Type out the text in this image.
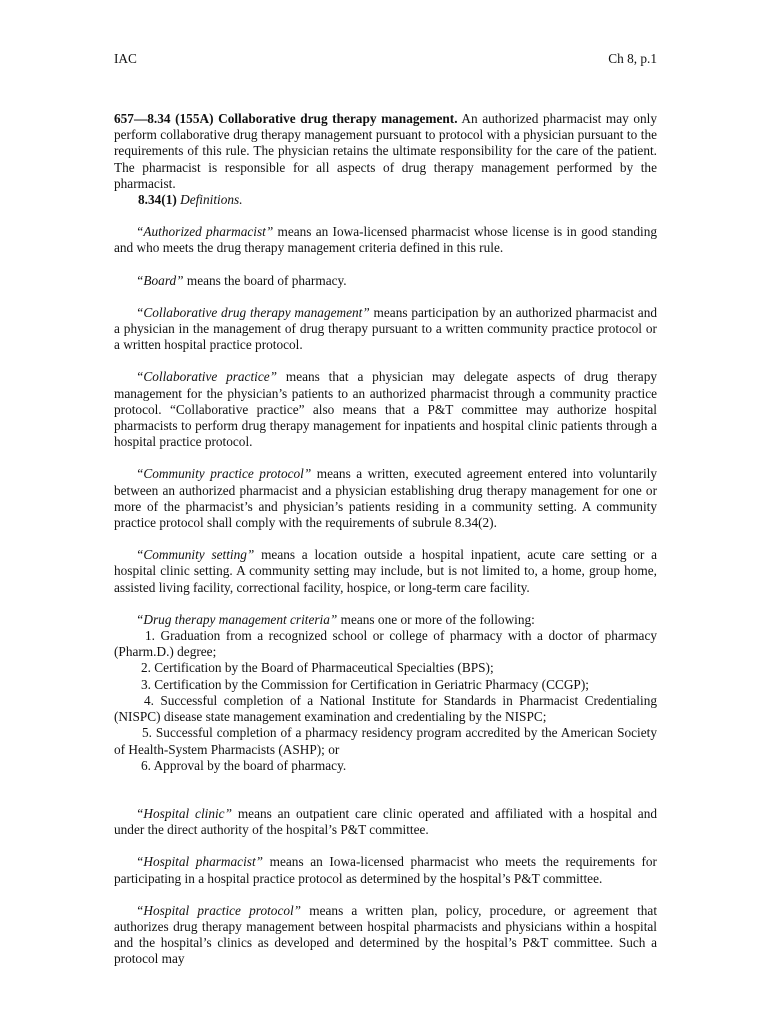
IAC	Ch 8, p.1

657—8.34 (155A) Collaborative drug therapy management. An authorized pharmacist may only perform collaborative drug therapy management pursuant to protocol with a physician pursuant to the requirements of this rule. The physician retains the ultimate responsibility for the care of the patient. The pharmacist is responsible for all aspects of drug therapy management performed by the pharmacist.

8.34(1) Definitions.

“Authorized pharmacist” means an Iowa-licensed pharmacist whose license is in good standing and who meets the drug therapy management criteria defined in this rule.

“Board” means the board of pharmacy.

“Collaborative drug therapy management” means participation by an authorized pharmacist and a physician in the management of drug therapy pursuant to a written community practice protocol or a written hospital practice protocol.

“Collaborative practice” means that a physician may delegate aspects of drug therapy management for the physician’s patients to an authorized pharmacist through a community practice protocol. “Collaborative practice” also means that a P&T committee may authorize hospital pharmacists to perform drug therapy management for inpatients and hospital clinic patients through a hospital practice protocol.

“Community practice protocol” means a written, executed agreement entered into voluntarily between an authorized pharmacist and a physician establishing drug therapy management for one or more of the pharmacist’s and physician’s patients residing in a community setting. A community practice protocol shall comply with the requirements of subrule 8.34(2).

“Community setting” means a location outside a hospital inpatient, acute care setting or a hospital clinic setting. A community setting may include, but is not limited to, a home, group home, assisted living facility, correctional facility, hospice, or long-term care facility.

“Drug therapy management criteria” means one or more of the following:

1. Graduation from a recognized school or college of pharmacy with a doctor of pharmacy (Pharm.D.) degree;

2. Certification by the Board of Pharmaceutical Specialties (BPS);

3. Certification by the Commission for Certification in Geriatric Pharmacy (CCGP);

4. Successful completion of a National Institute for Standards in Pharmacist Credentialing (NISPC) disease state management examination and credentialing by the NISPC;

5. Successful completion of a pharmacy residency program accredited by the American Society of Health-System Pharmacists (ASHP); or

6. Approval by the board of pharmacy.

“Hospital clinic” means an outpatient care clinic operated and affiliated with a hospital and under the direct authority of the hospital’s P&T committee.

“Hospital pharmacist” means an Iowa-licensed pharmacist who meets the requirements for participating in a hospital practice protocol as determined by the hospital’s P&T committee.

“Hospital practice protocol” means a written plan, policy, procedure, or agreement that authorizes drug therapy management between hospital pharmacists and physicians within a hospital and the hospital’s clinics as developed and determined by the hospital’s P&T committee. Such a protocol may
